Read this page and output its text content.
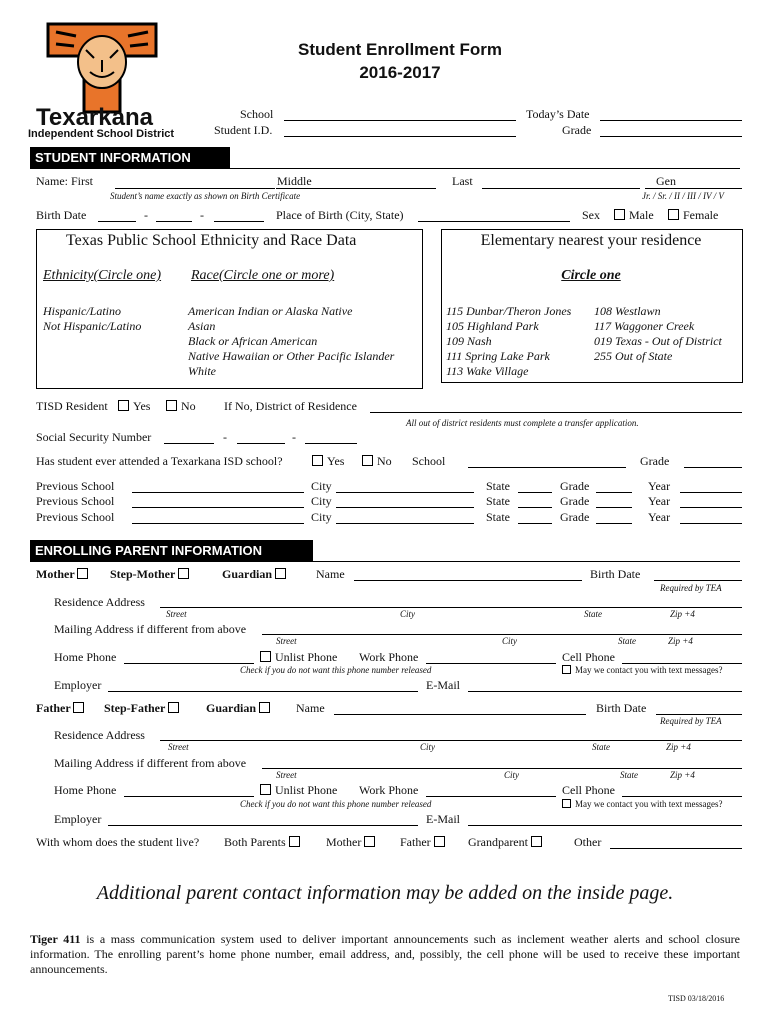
Texarkana
Independent School District
Student Enrollment Form
2016-2017
School
Student I.D.
Today’s Date
Grade
STUDENT INFORMATION
Name: First	Middle	Last	Gen
Student’s name exactly as shown on Birth Certificate	Jr. / Sr. / II / III / IV / V
Birth Date	-	-	Place of Birth (City, State)	Sex	Male	Female
Texas Public School Ethnicity and Race Data
Ethnicity(Circle one) Race(Circle one or more)
Hispanic/Latino
Not Hispanic/Latino
American Indian or Alaska Native
Asian
Black or African American
Native Hawaiian or Other Pacific Islander
White
Elementary nearest your residence
Circle one
115 Dunbar/Theron Jones
105 Highland Park
109 Nash
111 Spring Lake Park
113 Wake Village
108 Westlawn
117 Waggoner Creek
019 Texas - Out of District
255 Out of State
TISD Resident	Yes	No If No, District of Residence
All out of district residents must complete a transfer application.
Social Security Number	-	-
Has student ever attended a Texarkana ISD school?	Yes	No School	Grade
Previous School	City	State	Grade	Year
Previous School	City	State	Grade	Year
Previous School	City	State	Grade	Year
ENROLLING PARENT INFORMATION
Mother	Step-Mother	Guardian	Name	Birth Date
Required by TEA
Residence Address
Street	City	State	Zip +4
Mailing Address if different from above
Street	City	State	Zip +4
Home Phone	Unlist Phone Work Phone	Cell Phone
Check if you do not want this phone number released	May we contact you with text messages?
Employer	E-Mail
Father	Step-Father	Guardian	Name	Birth Date
Required by TEA
Residence Address
Street	City	State	Zip +4
Mailing Address if different from above
Street	City	State	Zip +4
Home Phone	Unlist Phone Work Phone	Cell Phone
Check if you do not want this phone number released	May we contact you with text messages?
Employer	E-Mail
With whom does the student live? Both Parents	Mother	Father	Grandparent	Other
Additional parent contact information may be added on the inside page.
Tiger 411 is a mass communication system used to deliver important announcements such as inclement weather alerts and school closure information. The enrolling parent’s home phone number, email address, and, possibly, the cell phone will be used to receive these important announcements.
TISD 03/18/2016
